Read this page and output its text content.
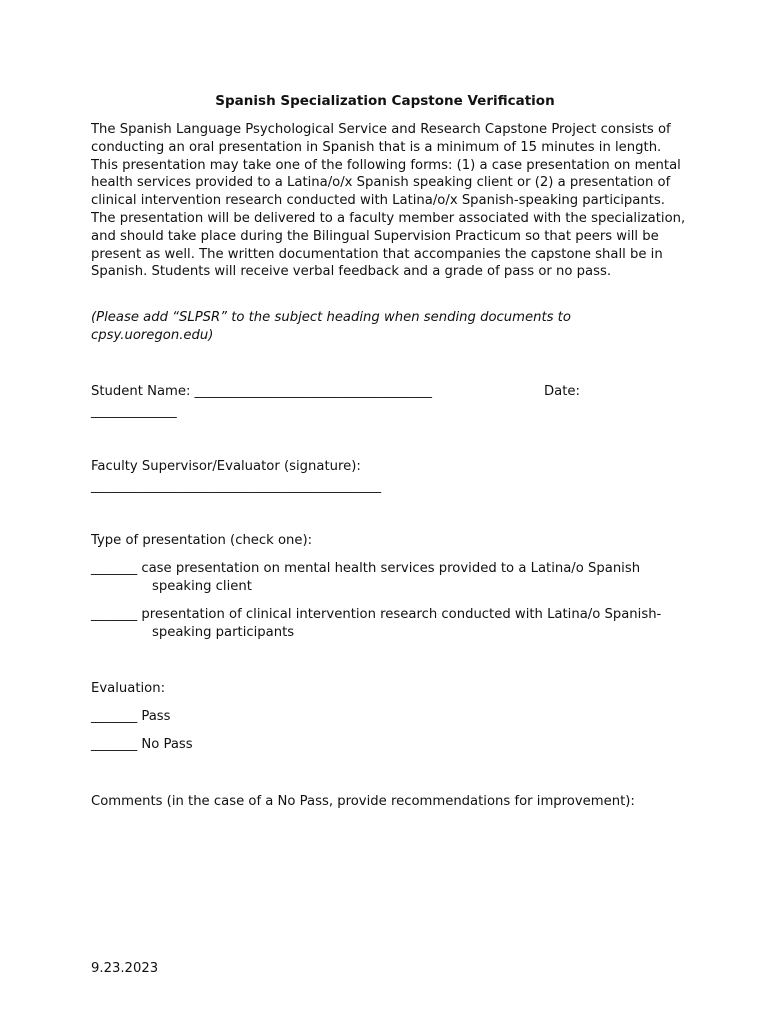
Spanish Specialization Capstone Verification

The Spanish Language Psychological Service and Research Capstone Project consists of conducting an oral presentation in Spanish that is a minimum of 15 minutes in length. This presentation may take one of the following forms: (1) a case presentation on mental health services provided to a Latina/o/x Spanish speaking client or (2) a presentation of clinical intervention research conducted with Latina/o/x Spanish-speaking participants. The presentation will be delivered to a faculty member associated with the specialization, and should take place during the Bilingual Supervision Practicum so that peers will be present as well. The written documentation that accompanies the capstone shall be in Spanish. Students will receive verbal feedback and a grade of pass or no pass.

(Please add “SLPSR” to the subject heading when sending documents to cpsy.uoregon.edu)

Student Name: ____________________________________	Date:
_____________
Faculty Supervisor/Evaluator (signature):
____________________________________________
Type of presentation (check one):
_______ case presentation on mental health services provided to a Latina/o Spanish speaking client
_______ presentation of clinical intervention research conducted with Latina/o Spanish-speaking participants
Evaluation:
_______ Pass
_______ No Pass
Comments (in the case of a No Pass, provide recommendations for improvement):
9.23.2023
